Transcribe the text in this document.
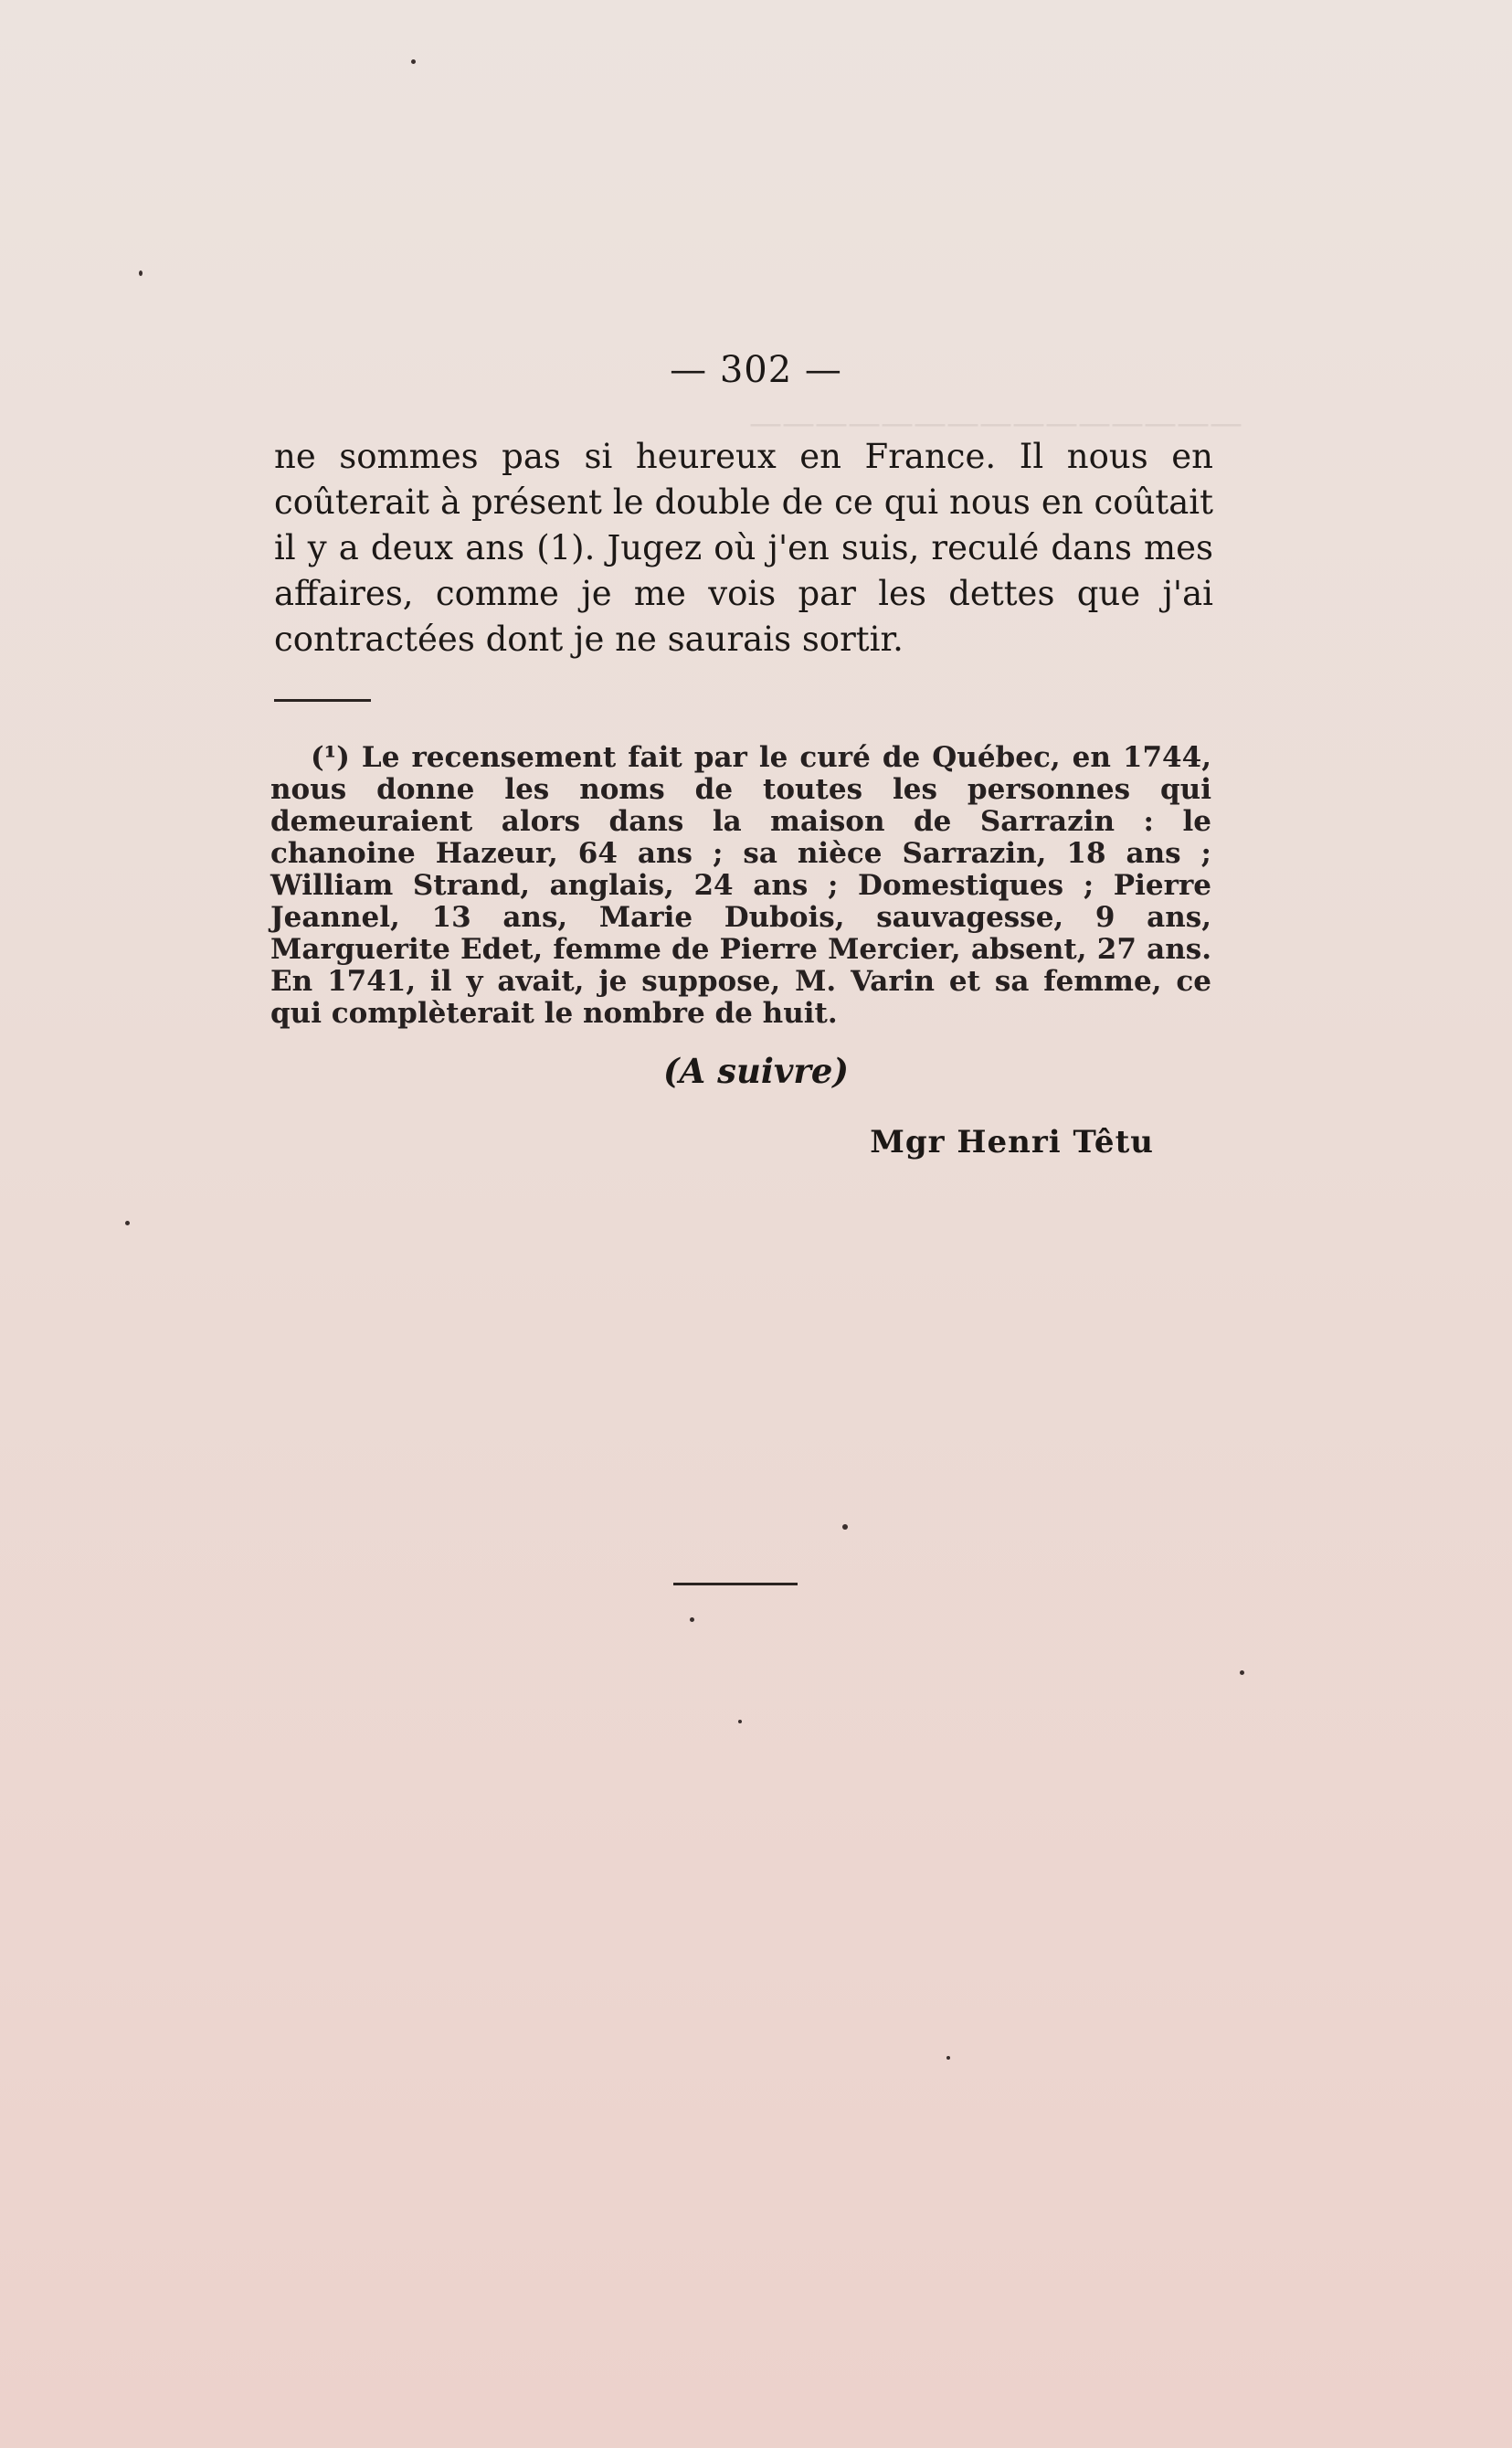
———————————————
— 302 —

ne sommes pas si heureux en France. Il nous en coûterait à présent le double de ce qui nous en coûtait il y a deux ans (1). Jugez où j'en suis, reculé dans mes affaires, comme je me vois par les dettes que j'ai contractées dont je ne saurais sortir.

(¹) Le recensement fait par le curé de Québec, en 1744, nous donne les noms de toutes les personnes qui demeuraient alors dans la maison de Sarrazin : le chanoine Hazeur, 64 ans ; sa nièce Sarrazin, 18 ans ; William Strand, anglais, 24 ans ; Domestiques ; Pierre Jeannel, 13 ans, Marie Dubois, sauvagesse, 9 ans, Marguerite Edet, femme de Pierre Mercier, absent, 27 ans. En 1741, il y avait, je suppose, M. Varin et sa femme, ce qui complèterait le nombre de huit.

(A suivre)
Mgr Henri Têtu
